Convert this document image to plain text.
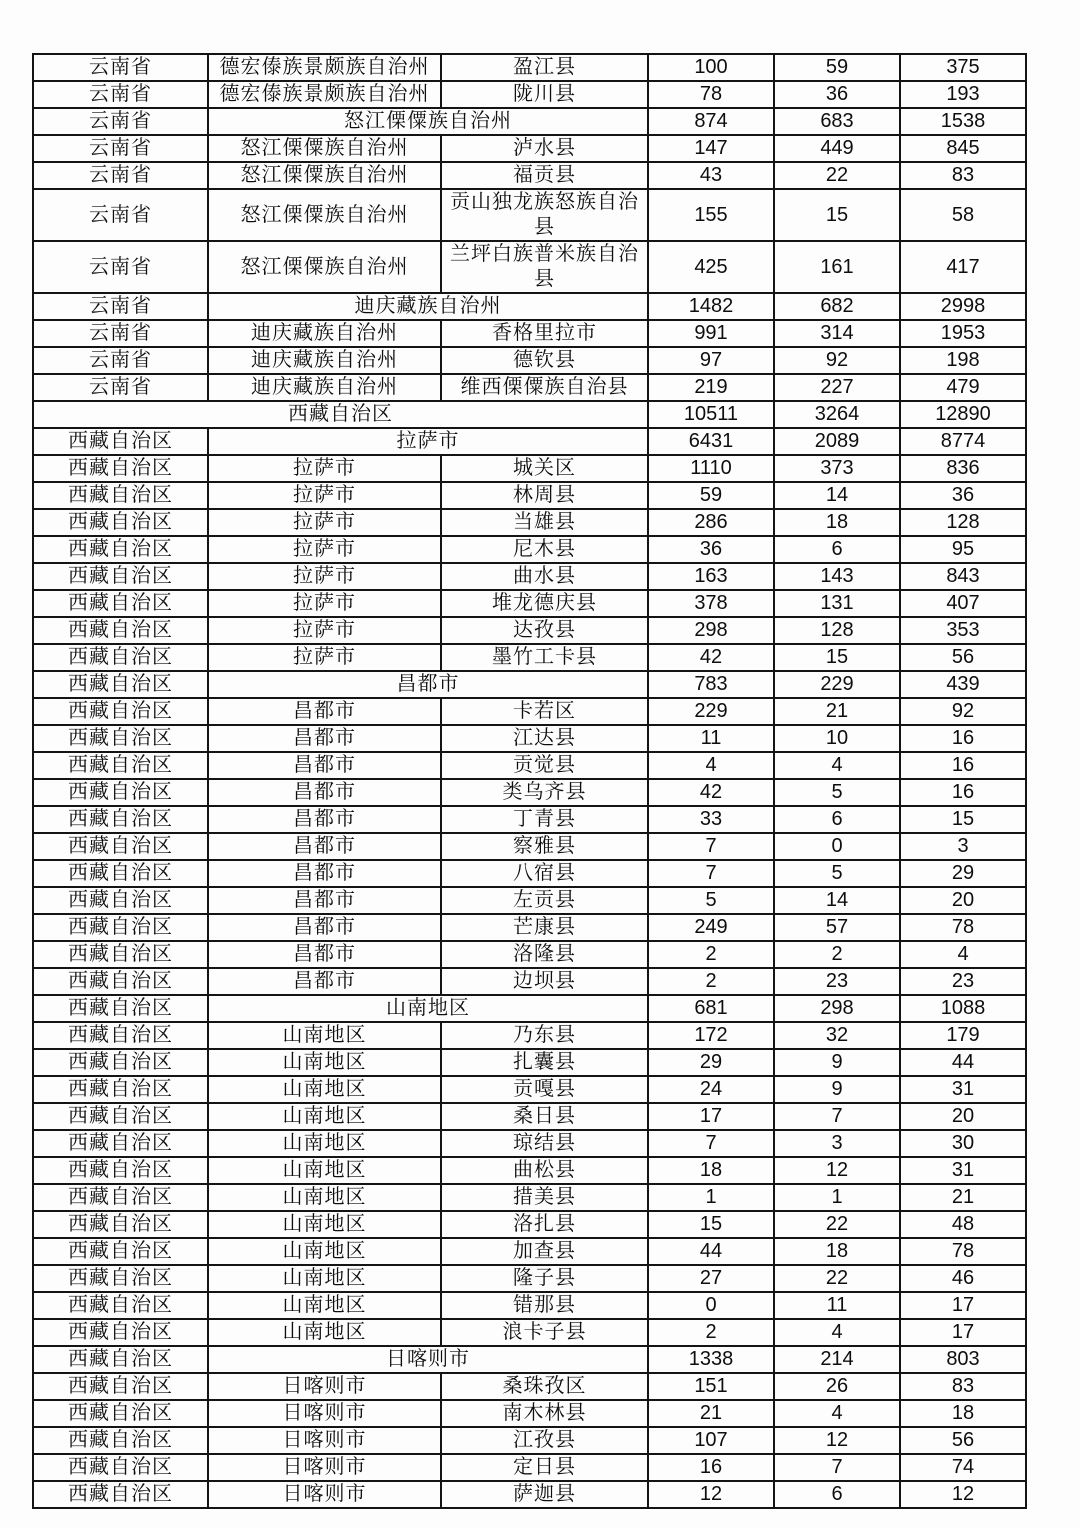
云南省	德宏傣族景颇族自治州	盈江县	100	59	375
云南省	德宏傣族景颇族自治州	陇川县	78	36	193
云南省	怒江傈僳族自治州		874	683	1538
云南省	怒江傈僳族自治州	泸水县	147	449	845
云南省	怒江傈僳族自治州	福贡县	43	22	83
云南省	怒江傈僳族自治州	贡山独龙族怒族自治县	155	15	58
云南省	怒江傈僳族自治州	兰坪白族普米族自治县	425	161	417
云南省	迪庆藏族自治州		1482	682	2998
云南省	迪庆藏族自治州	香格里拉市	991	314	1953
云南省	迪庆藏族自治州	德钦县	97	92	198
云南省	迪庆藏族自治州	维西傈僳族自治县	219	227	479
西藏自治区			10511	3264	12890
西藏自治区	拉萨市		6431	2089	8774
西藏自治区	拉萨市	城关区	1110	373	836
西藏自治区	拉萨市	林周县	59	14	36
西藏自治区	拉萨市	当雄县	286	18	128
西藏自治区	拉萨市	尼木县	36	6	95
西藏自治区	拉萨市	曲水县	163	143	843
西藏自治区	拉萨市	堆龙德庆县	378	131	407
西藏自治区	拉萨市	达孜县	298	128	353
西藏自治区	拉萨市	墨竹工卡县	42	15	56
西藏自治区	昌都市		783	229	439
西藏自治区	昌都市	卡若区	229	21	92
西藏自治区	昌都市	江达县	11	10	16
西藏自治区	昌都市	贡觉县	4	4	16
西藏自治区	昌都市	类乌齐县	42	5	16
西藏自治区	昌都市	丁青县	33	6	15
西藏自治区	昌都市	察雅县	7	0	3
西藏自治区	昌都市	八宿县	7	5	29
西藏自治区	昌都市	左贡县	5	14	20
西藏自治区	昌都市	芒康县	249	57	78
西藏自治区	昌都市	洛隆县	2	2	4
西藏自治区	昌都市	边坝县	2	23	23
西藏自治区	山南地区		681	298	1088
西藏自治区	山南地区	乃东县	172	32	179
西藏自治区	山南地区	扎囊县	29	9	44
西藏自治区	山南地区	贡嘎县	24	9	31
西藏自治区	山南地区	桑日县	17	7	20
西藏自治区	山南地区	琼结县	7	3	30
西藏自治区	山南地区	曲松县	18	12	31
西藏自治区	山南地区	措美县	1	1	21
西藏自治区	山南地区	洛扎县	15	22	48
西藏自治区	山南地区	加查县	44	18	78
西藏自治区	山南地区	隆子县	27	22	46
西藏自治区	山南地区	错那县	0	11	17
西藏自治区	山南地区	浪卡子县	2	4	17
西藏自治区	日喀则市		1338	214	803
西藏自治区	日喀则市	桑珠孜区	151	26	83
西藏自治区	日喀则市	南木林县	21	4	18
西藏自治区	日喀则市	江孜县	107	12	56
西藏自治区	日喀则市	定日县	16	7	74
西藏自治区	日喀则市	萨迦县	12	6	12
